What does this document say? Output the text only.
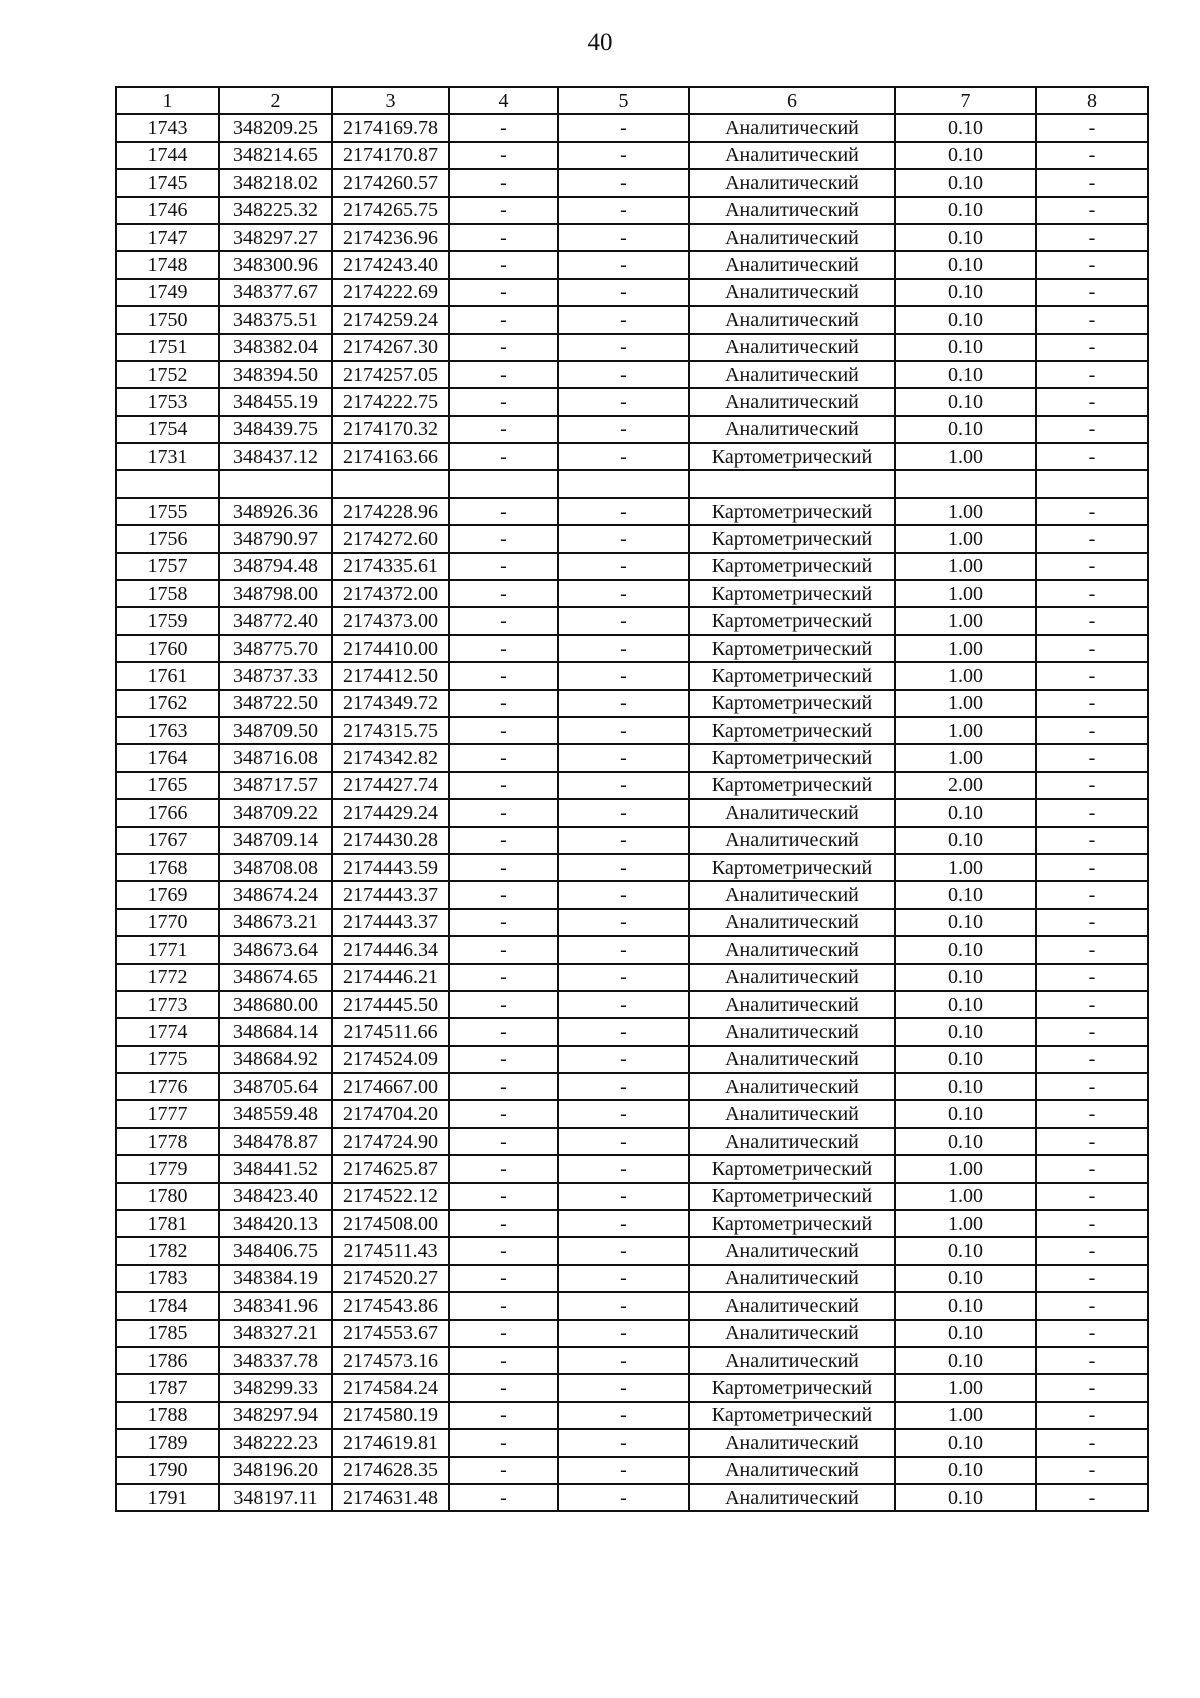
40
1	2	3	4	5	6	7	8
1743	348209.25	2174169.78	-	-	Аналитический	0.10	-
1744	348214.65	2174170.87	-	-	Аналитический	0.10	-
1745	348218.02	2174260.57	-	-	Аналитический	0.10	-
1746	348225.32	2174265.75	-	-	Аналитический	0.10	-
1747	348297.27	2174236.96	-	-	Аналитический	0.10	-
1748	348300.96	2174243.40	-	-	Аналитический	0.10	-
1749	348377.67	2174222.69	-	-	Аналитический	0.10	-
1750	348375.51	2174259.24	-	-	Аналитический	0.10	-
1751	348382.04	2174267.30	-	-	Аналитический	0.10	-
1752	348394.50	2174257.05	-	-	Аналитический	0.10	-
1753	348455.19	2174222.75	-	-	Аналитический	0.10	-
1754	348439.75	2174170.32	-	-	Аналитический	0.10	-
1731	348437.12	2174163.66	-	-	Картометрический	1.00	-

1755	348926.36	2174228.96	-	-	Картометрический	1.00	-
1756	348790.97	2174272.60	-	-	Картометрический	1.00	-
1757	348794.48	2174335.61	-	-	Картометрический	1.00	-
1758	348798.00	2174372.00	-	-	Картометрический	1.00	-
1759	348772.40	2174373.00	-	-	Картометрический	1.00	-
1760	348775.70	2174410.00	-	-	Картометрический	1.00	-
1761	348737.33	2174412.50	-	-	Картометрический	1.00	-
1762	348722.50	2174349.72	-	-	Картометрический	1.00	-
1763	348709.50	2174315.75	-	-	Картометрический	1.00	-
1764	348716.08	2174342.82	-	-	Картометрический	1.00	-
1765	348717.57	2174427.74	-	-	Картометрический	2.00	-
1766	348709.22	2174429.24	-	-	Аналитический	0.10	-
1767	348709.14	2174430.28	-	-	Аналитический	0.10	-
1768	348708.08	2174443.59	-	-	Картометрический	1.00	-
1769	348674.24	2174443.37	-	-	Аналитический	0.10	-
1770	348673.21	2174443.37	-	-	Аналитический	0.10	-
1771	348673.64	2174446.34	-	-	Аналитический	0.10	-
1772	348674.65	2174446.21	-	-	Аналитический	0.10	-
1773	348680.00	2174445.50	-	-	Аналитический	0.10	-
1774	348684.14	2174511.66	-	-	Аналитический	0.10	-
1775	348684.92	2174524.09	-	-	Аналитический	0.10	-
1776	348705.64	2174667.00	-	-	Аналитический	0.10	-
1777	348559.48	2174704.20	-	-	Аналитический	0.10	-
1778	348478.87	2174724.90	-	-	Аналитический	0.10	-
1779	348441.52	2174625.87	-	-	Картометрический	1.00	-
1780	348423.40	2174522.12	-	-	Картометрический	1.00	-
1781	348420.13	2174508.00	-	-	Картометрический	1.00	-
1782	348406.75	2174511.43	-	-	Аналитический	0.10	-
1783	348384.19	2174520.27	-	-	Аналитический	0.10	-
1784	348341.96	2174543.86	-	-	Аналитический	0.10	-
1785	348327.21	2174553.67	-	-	Аналитический	0.10	-
1786	348337.78	2174573.16	-	-	Аналитический	0.10	-
1787	348299.33	2174584.24	-	-	Картометрический	1.00	-
1788	348297.94	2174580.19	-	-	Картометрический	1.00	-
1789	348222.23	2174619.81	-	-	Аналитический	0.10	-
1790	348196.20	2174628.35	-	-	Аналитический	0.10	-
1791	348197.11	2174631.48	-	-	Аналитический	0.10	-
